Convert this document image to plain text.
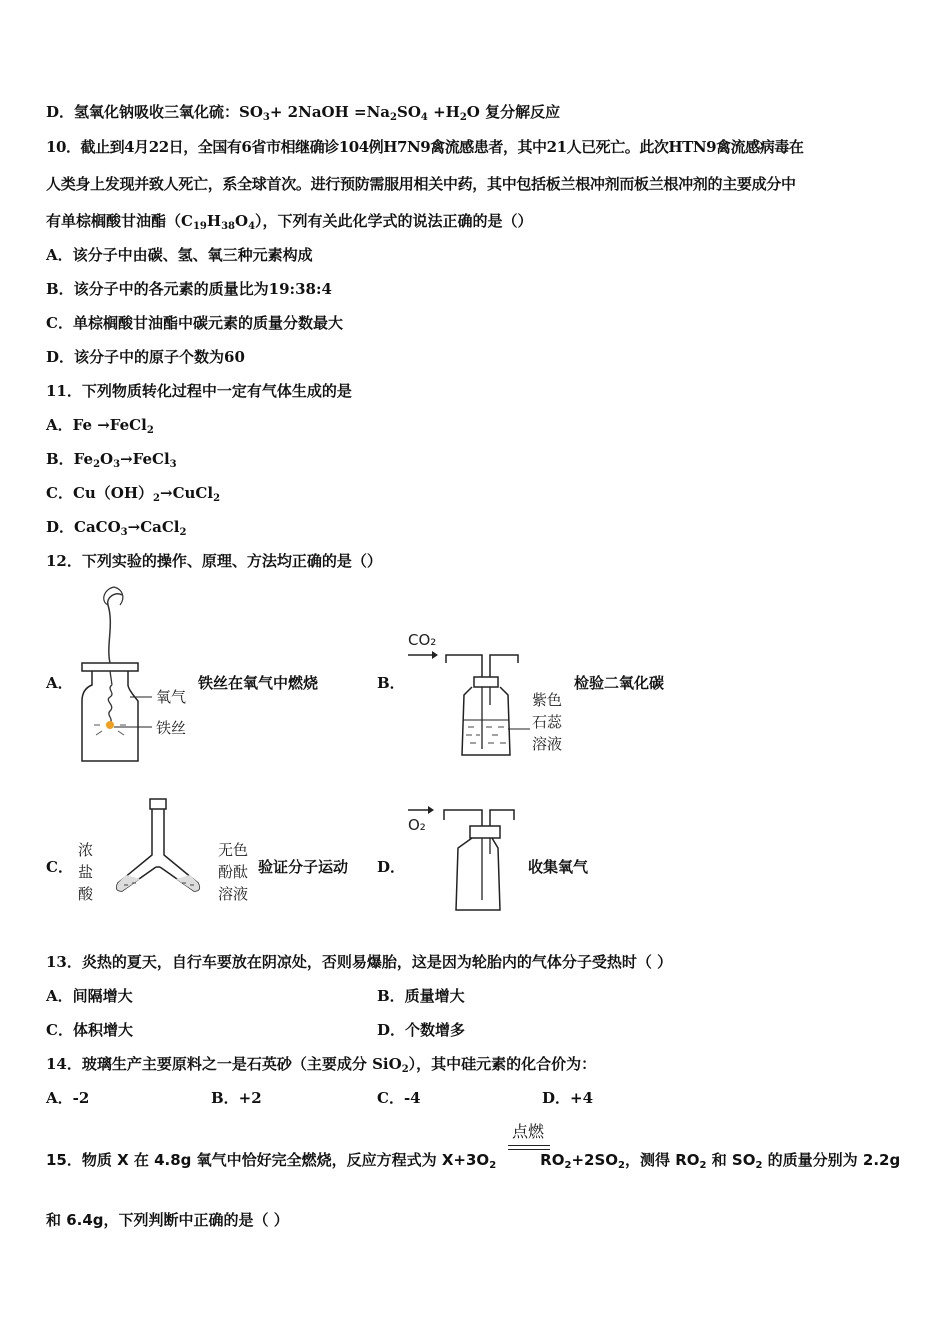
D．氢氧化钠吸收三氧化硫：$SO_3+$ 2NaOH $=Na_2SO_4 +H_2O$ 复分解反应
10．截止到4月22日，全国有6省市相继确诊104例H7N9禽流感患者，其中21人已死亡。此次HTN9禽流感病毒在
人类身上发现并致人死亡，系全球首次。进行预防需服用相关中药，其中包括板兰根冲剂而板兰根冲剂的主要成分中
有单棕榈酸甘油酯$(C_{19}H_{38}O_4)$，下列有关此化学式的说法正确的是（）
A．该分子中由碳、氢、氧三种元素构成
B．该分子中的各元素的质量比为19:38:4
C．单棕榈酸甘油酯中碳元素的质量分数最大
D．该分子中的原子个数为60
11．下列物质转化过程中一定有气体生成的是
A．Fe →FeCl$_2$
B．$Fe_2O_3\to FeCl_3$
C．$Cu(OH)_2\to CuCl_2$
D．CaCO$_3$→CaCl$_2$
12．下列实验的操作、原理、方法均正确的是（）
A．
氧气
铁丝
铁丝在氧气中燃烧	B．
CO₂
紫色
石蕊
溶液
检验二氧化碳
C．
浓
盐
酸
无色
酚酞
溶液
验证分子运动 D．
O₂
收集氧气
13．炎热的夏天，自行车要放在阴凉处，否则易爆胎，这是因为轮胎内的气体分子受热时（ ）
A．间隔增大	B．质量增大
C．体积增大	D．个数增多
14．玻璃生产主要原料之一是石英砂（主要成分 SiO$_2$），其中硅元素的化合价为：
A．-2	B．+2	C．-4	D．+4
点燃
15．物质 X 在 4.8g 氧气中恰好完全燃烧，反应方程式为 $X+3O_2$	$RO_2+2SO_2$，测得 $RO_2$ 和 $SO_2$ 的质量分别为 2.2g
和 6.4g，下列判断中正确的是（ ）
